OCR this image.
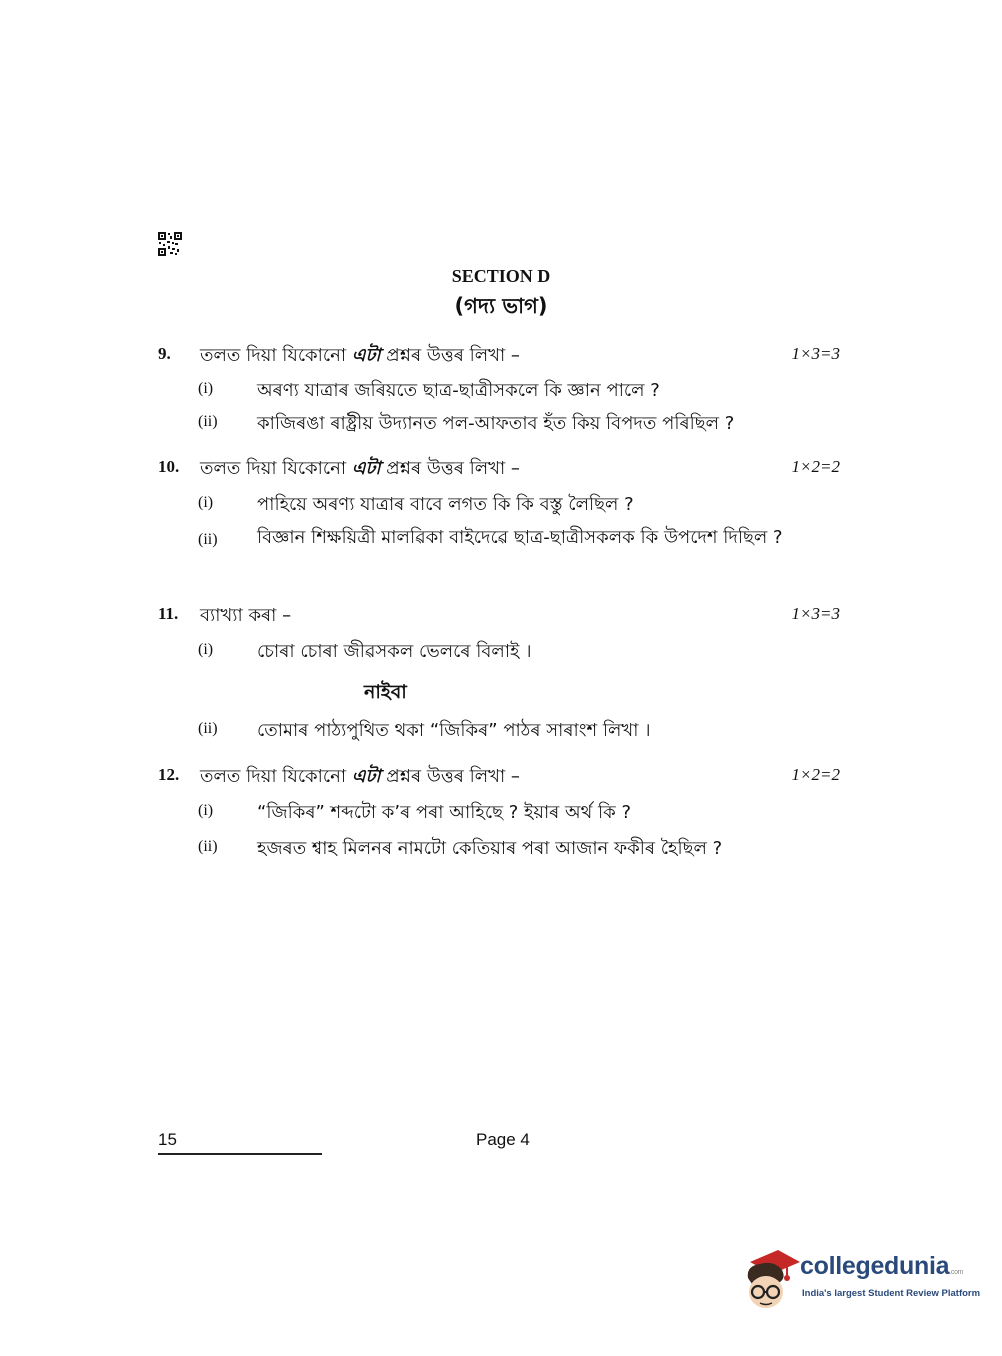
SECTION D
(গদ্য ভাগ)
9. তলত দিয়া যিকোনো এটা প্ৰশ্নৰ উত্তৰ লিখা –	1×3=3
(i) অৰণ্য যাত্ৰাৰ জৰিয়তে ছাত্ৰ-ছাত্ৰীসকলে কি জ্ঞান পালে ?
(ii) কাজিৰঙা ৰাষ্ট্ৰীয় উদ্যানত পল-আফতাব হঁত কিয় বিপদত পৰিছিল ?
10. তলত দিয়া যিকোনো এটা প্ৰশ্নৰ উত্তৰ লিখা –	1×2=2
(i) পাহিয়ে অৰণ্য যাত্ৰাৰ বাবে লগত কি কি বস্তু লৈছিল ?
(ii) বিজ্ঞান শিক্ষয়িত্ৰী মালৱিকা বাইদেৱে ছাত্ৰ-ছাত্ৰীসকলক কি উপদেশ দিছিল ?
11. ব্যাখ্যা কৰা –	1×3=3
(i) চোৰা চোৰা জীৱসকল ভেলৰে বিলাই ।
নাইবা
(ii) তোমাৰ পাঠ্যপুথিত থকা “জিকিৰ” পাঠৰ সাৰাংশ লিখা ।
12. তলত দিয়া যিকোনো এটা প্ৰশ্নৰ উত্তৰ লিখা –	1×2=2
(i) “জিকিৰ” শব্দটো ক’ৰ পৰা আহিছে ? ইয়াৰ অৰ্থ কি ?
(ii) হজৰত শ্বাহ মিলনৰ নামটো কেতিয়াৰ পৰা আজান ফকীৰ হৈছিল ?
15	Page 4
collegedunia.com
India's largest Student Review Platform
